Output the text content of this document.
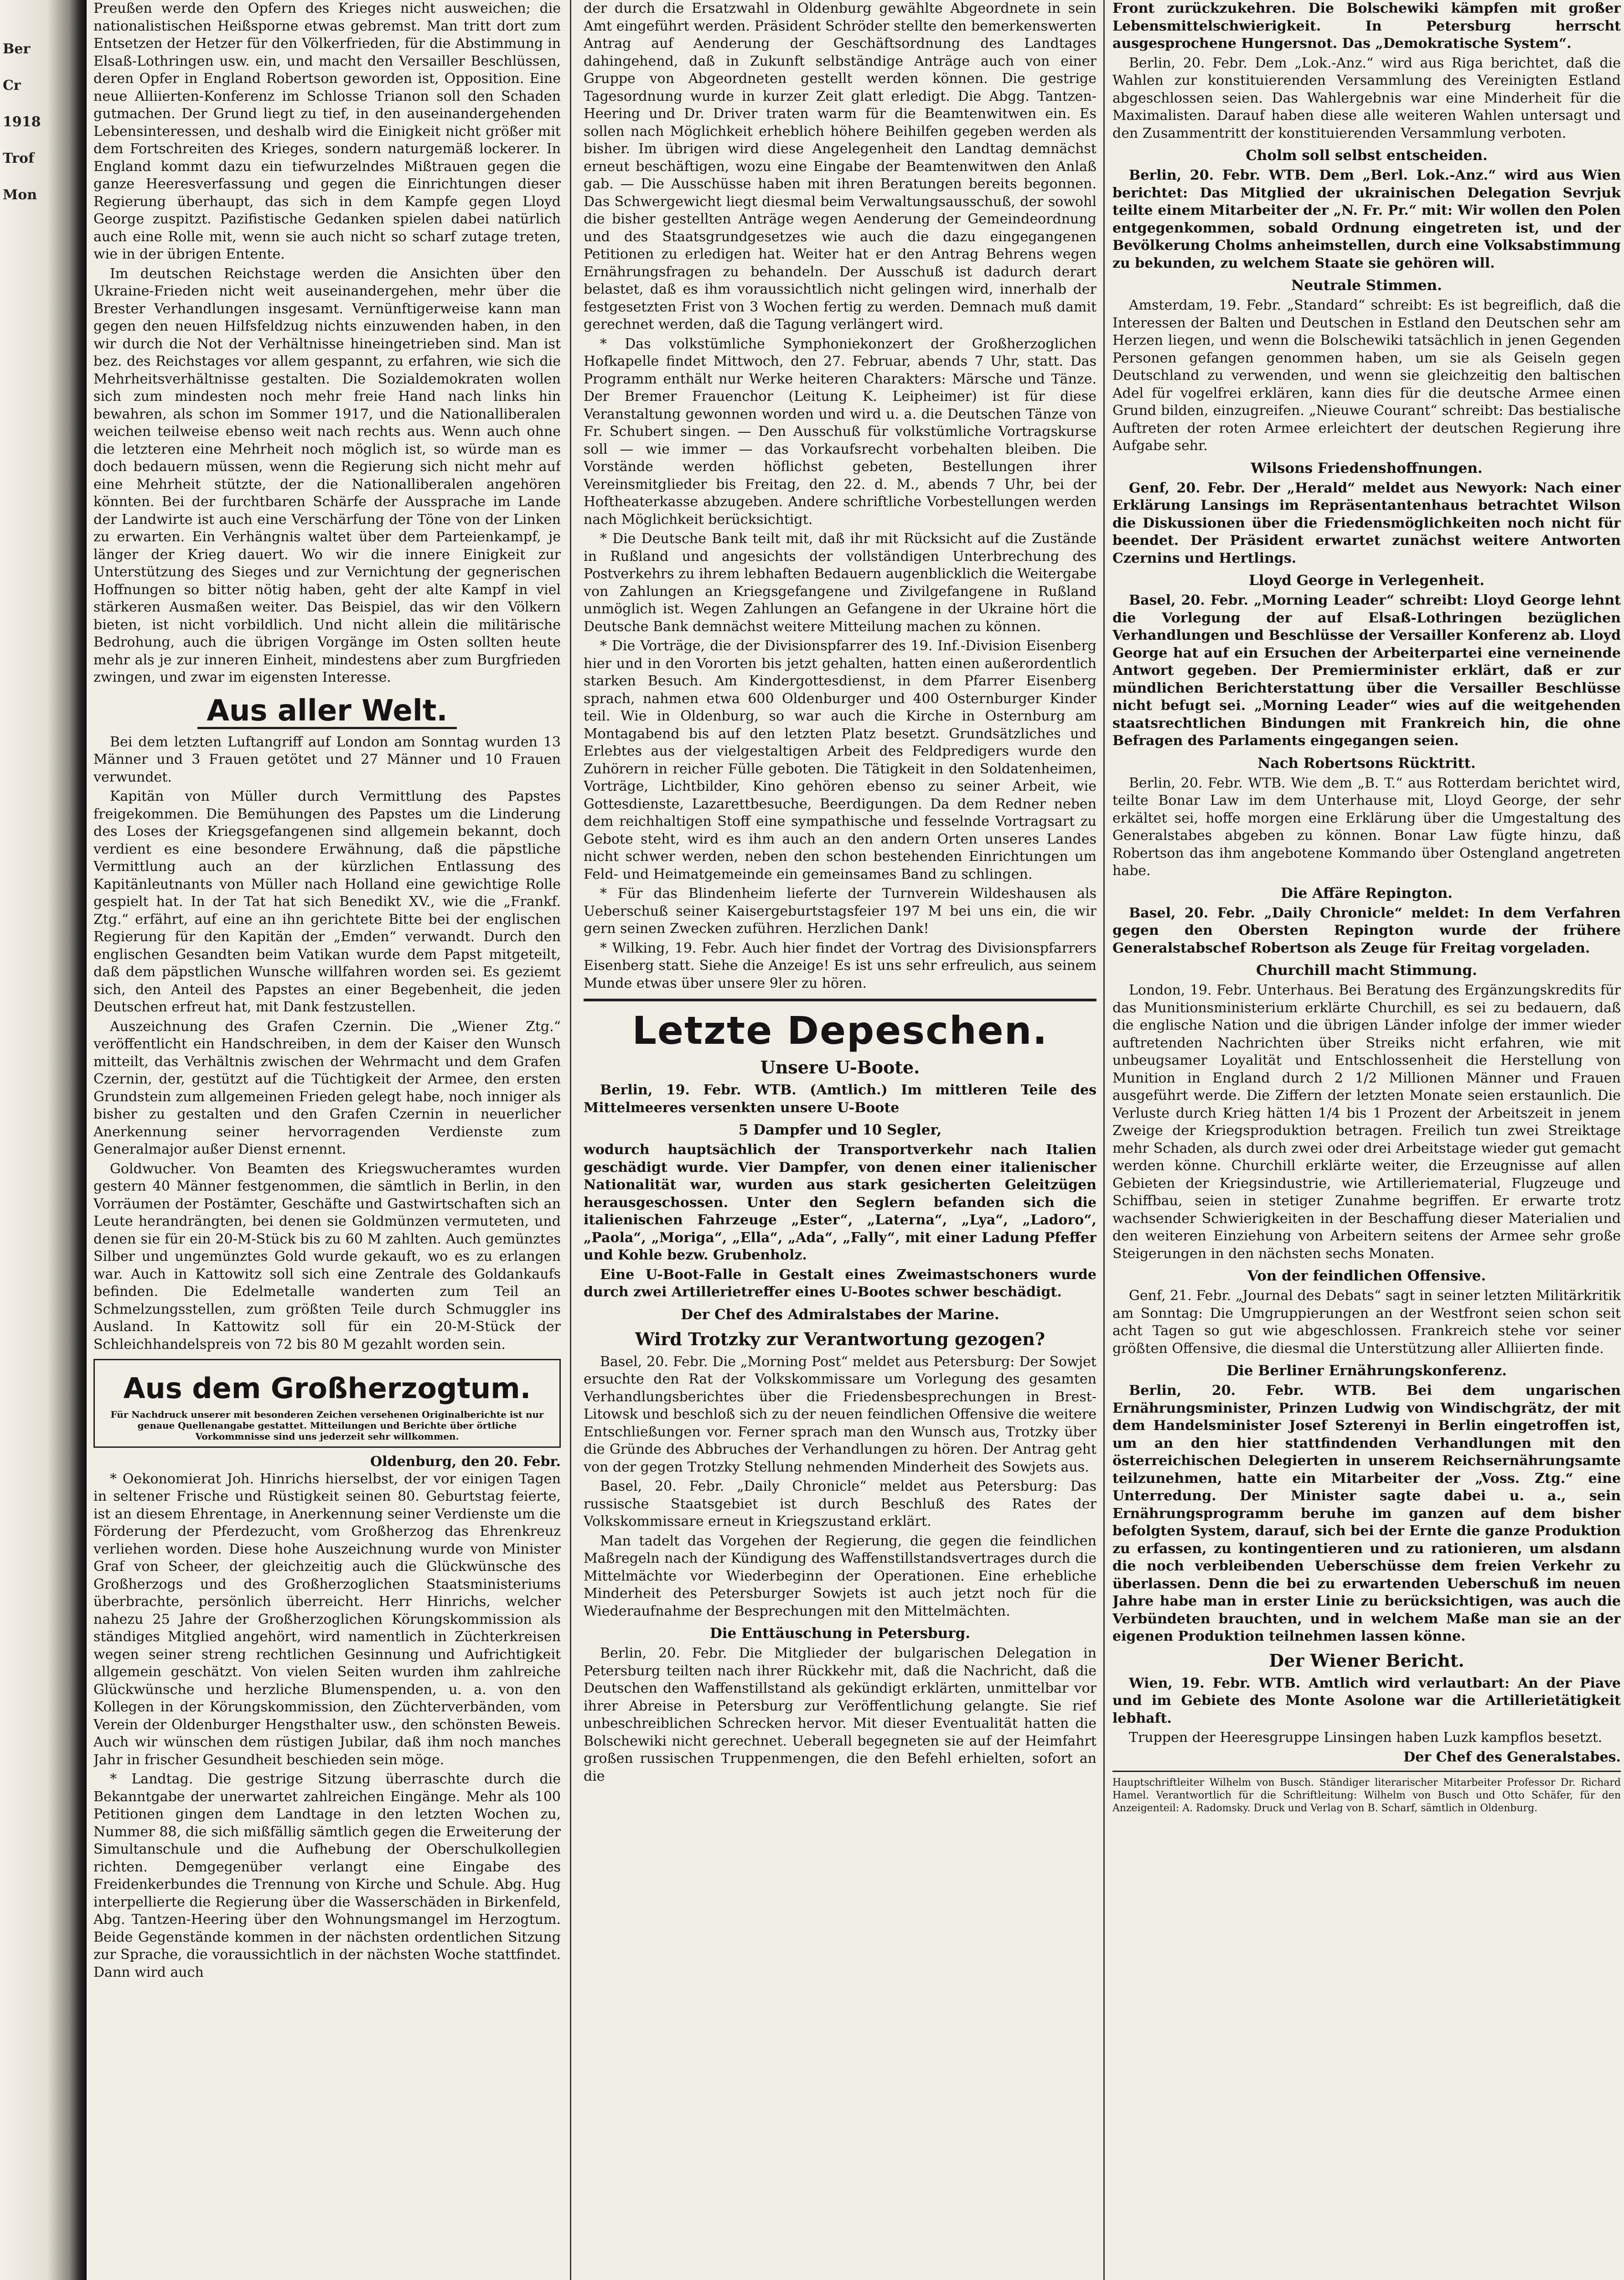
Ber
Cr
1918
Trof
Mon

Preußen werde den Opfern des Krieges nicht ausweichen; die nationalistischen Heißsporne etwas gebremst. Man tritt dort zum Entsetzen der Hetzer für den Völkerfrieden, für die Abstimmung in Elsaß-Lothringen usw. ein, und macht den Versailler Beschlüssen, deren Opfer in England Robertson geworden ist, Opposition. Eine neue Alliierten-Konferenz im Schlosse Trianon soll den Schaden gutmachen. Der Grund liegt zu tief, in den auseinandergehenden Lebensinteressen, und deshalb wird die Einigkeit nicht größer mit dem Fortschreiten des Krieges, sondern naturgemäß lockerer. In England kommt dazu ein tiefwurzelndes Mißtrauen gegen die ganze Heeresverfassung und gegen die Einrichtungen dieser Regierung überhaupt, das sich in dem Kampfe gegen Lloyd George zuspitzt. Pazifistische Gedanken spielen dabei natürlich auch eine Rolle mit, wenn sie auch nicht so scharf zutage treten, wie in der übrigen Entente.

Im deutschen Reichstage werden die Ansichten über den Ukraine-Frieden nicht weit auseinandergehen, mehr über die Brester Verhandlungen insgesamt. Vernünftigerweise kann man gegen den neuen Hilfsfeldzug nichts einzuwenden haben, in den wir durch die Not der Verhältnisse hineingetrieben sind. Man ist bez. des Reichstages vor allem gespannt, zu erfahren, wie sich die Mehrheitsverhältnisse gestalten. Die Sozialdemokraten wollen sich zum mindesten noch mehr freie Hand nach links hin bewahren, als schon im Sommer 1917, und die Nationalliberalen weichen teilweise ebenso weit nach rechts aus. Wenn auch ohne die letzteren eine Mehrheit noch möglich ist, so würde man es doch bedauern müssen, wenn die Regierung sich nicht mehr auf eine Mehrheit stützte, der die Nationalliberalen angehören könnten. Bei der furchtbaren Schärfe der Aussprache im Lande der Landwirte ist auch eine Verschärfung der Töne von der Linken zu erwarten. Ein Verhängnis waltet über dem Parteienkampf, je länger der Krieg dauert. Wo wir die innere Einigkeit zur Unterstützung des Sieges und zur Vernichtung der gegnerischen Hoffnungen so bitter nötig haben, geht der alte Kampf in viel stärkeren Ausmaßen weiter. Das Beispiel, das wir den Völkern bieten, ist nicht vorbildlich. Und nicht allein die militärische Bedrohung, auch die übrigen Vorgänge im Osten sollten heute mehr als je zur inneren Einheit, mindestens aber zum Burgfrieden zwingen, und zwar im eigensten Interesse.

Aus aller Welt.

Bei dem letzten Luftangriff auf London am Sonntag wurden 13 Männer und 3 Frauen getötet und 27 Männer und 10 Frauen verwundet.

Kapitän von Müller durch Vermittlung des Papstes freigekommen. Die Bemühungen des Papstes um die Linderung des Loses der Kriegsgefangenen sind allgemein bekannt, doch verdient es eine besondere Erwähnung, daß die päpstliche Vermittlung auch an der kürzlichen Entlassung des Kapitänleutnants von Müller nach Holland eine gewichtige Rolle gespielt hat. In der Tat hat sich Benedikt XV., wie die „Frankf. Ztg.“ erfährt, auf eine an ihn gerichtete Bitte bei der englischen Regierung für den Kapitän der „Emden“ verwandt. Durch den englischen Gesandten beim Vatikan wurde dem Papst mitgeteilt, daß dem päpstlichen Wunsche willfahren worden sei. Es geziemt sich, den Anteil des Papstes an einer Begebenheit, die jeden Deutschen erfreut hat, mit Dank festzustellen.

Auszeichnung des Grafen Czernin. Die „Wiener Ztg.“ veröffentlicht ein Handschreiben, in dem der Kaiser den Wunsch mitteilt, das Verhältnis zwischen der Wehrmacht und dem Grafen Czernin, der, gestützt auf die Tüchtigkeit der Armee, den ersten Grundstein zum allgemeinen Frieden gelegt habe, noch inniger als bisher zu gestalten und den Grafen Czernin in neuerlicher Anerkennung seiner hervorragenden Verdienste zum Generalmajor außer Dienst ernennt.

Goldwucher. Von Beamten des Kriegswucheramtes wurden gestern 40 Männer festgenommen, die sämtlich in Berlin, in den Vorräumen der Postämter, Geschäfte und Gastwirtschaften sich an Leute herandrängten, bei denen sie Goldmünzen vermuteten, und denen sie für ein 20-M-Stück bis zu 60 M zahlten. Auch gemünztes Silber und ungemünztes Gold wurde gekauft, wo es zu erlangen war. Auch in Kattowitz soll sich eine Zentrale des Goldankaufs befinden. Die Edelmetalle wanderten zum Teil an Schmelzungsstellen, zum größten Teile durch Schmuggler ins Ausland. In Kattowitz soll für ein 20-M-Stück der Schleichhandelspreis von 72 bis 80 M gezahlt worden sein.

Aus dem Großherzogtum.
Für Nachdruck unserer mit besonderen Zeichen versehenen Originalberichte ist nur genaue Quellenangabe gestattet. Mitteilungen und Berichte über örtliche Vorkommnisse sind uns jederzeit sehr willkommen.
Oldenburg, den 20. Febr.

* Oekonomierat Joh. Hinrichs hierselbst, der vor einigen Tagen in seltener Frische und Rüstigkeit seinen 80. Geburtstag feierte, ist an diesem Ehrentage, in Anerkennung seiner Verdienste um die Förderung der Pferdezucht, vom Großherzog das Ehrenkreuz verliehen worden. Diese hohe Auszeichnung wurde von Minister Graf von Scheer, der gleichzeitig auch die Glückwünsche des Großherzogs und des Großherzoglichen Staatsministeriums überbrachte, persönlich überreicht. Herr Hinrichs, welcher nahezu 25 Jahre der Großherzoglichen Körungskommission als ständiges Mitglied angehört, wird namentlich in Züchterkreisen wegen seiner streng rechtlichen Gesinnung und Aufrichtigkeit allgemein geschätzt. Von vielen Seiten wurden ihm zahlreiche Glückwünsche und herzliche Blumenspenden, u. a. von den Kollegen in der Körungskommission, den Züchterverbänden, vom Verein der Oldenburger Hengsthalter usw., den schönsten Beweis. Auch wir wünschen dem rüstigen Jubilar, daß ihm noch manches Jahr in frischer Gesundheit beschieden sein möge.

* Landtag. Die gestrige Sitzung überraschte durch die Bekanntgabe der unerwartet zahlreichen Eingänge. Mehr als 100 Petitionen gingen dem Landtage in den letzten Wochen zu, Nummer 88, die sich mißfällig sämtlich gegen die Erweiterung der Simultanschule und die Aufhebung der Oberschulkollegien richten. Demgegenüber verlangt eine Eingabe des Freidenkerbundes die Trennung von Kirche und Schule. Abg. Hug interpellierte die Regierung über die Wasserschäden in Birkenfeld, Abg. Tantzen-Heering über den Wohnungsmangel im Herzogtum. Beide Gegenstände kommen in der nächsten ordentlichen Sitzung zur Sprache, die voraussichtlich in der nächsten Woche stattfindet. Dann wird auch

der durch die Ersatzwahl in Oldenburg gewählte Abgeordnete in sein Amt eingeführt werden. Präsident Schröder stellte den bemerkenswerten Antrag auf Aenderung der Geschäftsordnung des Landtages dahingehend, daß in Zukunft selbständige Anträge auch von einer Gruppe von Abgeordneten gestellt werden können. Die gestrige Tagesordnung wurde in kurzer Zeit glatt erledigt. Die Abgg. Tantzen-Heering und Dr. Driver traten warm für die Beamtenwitwen ein. Es sollen nach Möglichkeit erheblich höhere Beihilfen gegeben werden als bisher. Im übrigen wird diese Angelegenheit den Landtag demnächst erneut beschäftigen, wozu eine Eingabe der Beamtenwitwen den Anlaß gab. — Die Ausschüsse haben mit ihren Beratungen bereits begonnen. Das Schwergewicht liegt diesmal beim Verwaltungsausschuß, der sowohl die bisher gestellten Anträge wegen Aenderung der Gemeindeordnung und des Staatsgrundgesetzes wie auch die dazu eingegangenen Petitionen zu erledigen hat. Weiter hat er den Antrag Behrens wegen Ernährungsfragen zu behandeln. Der Ausschuß ist dadurch derart belastet, daß es ihm voraussichtlich nicht gelingen wird, innerhalb der festgesetzten Frist von 3 Wochen fertig zu werden. Demnach muß damit gerechnet werden, daß die Tagung verlängert wird.

* Das volkstümliche Symphoniekonzert der Großherzoglichen Hofkapelle findet Mittwoch, den 27. Februar, abends 7 Uhr, statt. Das Programm enthält nur Werke heiteren Charakters: Märsche und Tänze. Der Bremer Frauenchor (Leitung K. Leipheimer) ist für diese Veranstaltung gewonnen worden und wird u. a. die Deutschen Tänze von Fr. Schubert singen. — Den Ausschuß für volkstümliche Vortragskurse soll — wie immer — das Vorkaufsrecht vorbehalten bleiben. Die Vorstände werden höflichst gebeten, Bestellungen ihrer Vereinsmitglieder bis Freitag, den 22. d. M., abends 7 Uhr, bei der Hoftheaterkasse abzugeben. Andere schriftliche Vorbestellungen werden nach Möglichkeit berücksichtigt.

* Die Deutsche Bank teilt mit, daß ihr mit Rücksicht auf die Zustände in Rußland und angesichts der vollständigen Unterbrechung des Postverkehrs zu ihrem lebhaften Bedauern augenblicklich die Weitergabe von Zahlungen an Kriegsgefangene und Zivilgefangene in Rußland unmöglich ist. Wegen Zahlungen an Gefangene in der Ukraine hört die Deutsche Bank demnächst weitere Mitteilung machen zu können.

* Die Vorträge, die der Divisionspfarrer des 19. Inf.-Division Eisenberg hier und in den Vororten bis jetzt gehalten, hatten einen außerordentlich starken Besuch. Am Kindergottesdienst, in dem Pfarrer Eisenberg sprach, nahmen etwa 600 Oldenburger und 400 Osternburger Kinder teil. Wie in Oldenburg, so war auch die Kirche in Osternburg am Montagabend bis auf den letzten Platz besetzt. Grundsätzliches und Erlebtes aus der vielgestaltigen Arbeit des Feldpredigers wurde den Zuhörern in reicher Fülle geboten. Die Tätigkeit in den Soldatenheimen, Vorträge, Lichtbilder, Kino gehören ebenso zu seiner Arbeit, wie Gottesdienste, Lazarettbesuche, Beerdigungen. Da dem Redner neben dem reichhaltigen Stoff eine sympathische und fesselnde Vortragsart zu Gebote steht, wird es ihm auch an den andern Orten unseres Landes nicht schwer werden, neben den schon bestehenden Einrichtungen um Feld- und Heimatgemeinde ein gemeinsames Band zu schlingen.

* Für das Blindenheim lieferte der Turnverein Wildeshausen als Ueberschuß seiner Kaisergeburtstagsfeier 197 M bei uns ein, die wir gern seinen Zwecken zuführen. Herzlichen Dank!

* Wilking, 19. Febr. Auch hier findet der Vortrag des Divisionspfarrers Eisenberg statt. Siehe die Anzeige! Es ist uns sehr erfreulich, aus seinem Munde etwas über unsere 9ler zu hören.

Letzte Depeschen.
Unsere U-Boote.

Berlin, 19. Febr. WTB. (Amtlich.) Im mittleren Teile des Mittelmeeres versenkten unsere U-Boote

5 Dampfer und 10 Segler,

wodurch hauptsächlich der Transportverkehr nach Italien geschädigt wurde. Vier Dampfer, von denen einer italienischer Nationalität war, wurden aus stark gesicherten Geleitzügen herausgeschossen. Unter den Seglern befanden sich die italienischen Fahrzeuge „Ester“, „Laterna“, „Lya“, „Ladoro“, „Paola“, „Moriga“, „Ella“, „Ada“, „Fally“, mit einer Ladung Pfeffer und Kohle bezw. Grubenholz.

Eine U-Boot-Falle in Gestalt eines Zweimastschoners wurde durch zwei Artillerietreffer eines U-Bootes schwer beschädigt.

Der Chef des Admiralstabes der Marine.
Wird Trotzky zur Verantwortung gezogen?

Basel, 20. Febr. Die „Morning Post“ meldet aus Petersburg: Der Sowjet ersuchte den Rat der Volkskommissare um Vorlegung des gesamten Verhandlungsberichtes über die Friedensbesprechungen in Brest-Litowsk und beschloß sich zu der neuen feindlichen Offensive die weitere Entschließungen vor. Ferner sprach man den Wunsch aus, Trotzky über die Gründe des Abbruches der Verhandlungen zu hören. Der Antrag geht von der gegen Trotzky Stellung nehmenden Minderheit des Sowjets aus.

Basel, 20. Febr. „Daily Chronicle“ meldet aus Petersburg: Das russische Staatsgebiet ist durch Beschluß des Rates der Volkskommissare erneut in Kriegszustand erklärt.

Man tadelt das Vorgehen der Regierung, die gegen die feindlichen Maßregeln nach der Kündigung des Waffenstillstandsvertrages durch die Mittelmächte vor Wiederbeginn der Operationen. Eine erhebliche Minderheit des Petersburger Sowjets ist auch jetzt noch für die Wiederaufnahme der Besprechungen mit den Mittelmächten.

Die Enttäuschung in Petersburg.

Berlin, 20. Febr. Die Mitglieder der bulgarischen Delegation in Petersburg teilten nach ihrer Rückkehr mit, daß die Nachricht, daß die Deutschen den Waffenstillstand als gekündigt erklärten, unmittelbar vor ihrer Abreise in Petersburg zur Veröffentlichung gelangte. Sie rief unbeschreiblichen Schrecken hervor. Mit dieser Eventualität hatten die Bolschewiki nicht gerechnet. Ueberall begegneten sie auf der Heimfahrt großen russischen Truppenmengen, die den Befehl erhielten, sofort an die

Front zurückzukehren. Die Bolschewiki kämpfen mit großer Lebensmittelschwierigkeit. In Petersburg herrscht ausgesprochene Hungersnot. Das „Demokratische System“.

Berlin, 20. Febr. Dem „Lok.-Anz.“ wird aus Riga berichtet, daß die Wahlen zur konstituierenden Versammlung des Vereinigten Estland abgeschlossen seien. Das Wahlergebnis war eine Minderheit für die Maximalisten. Darauf haben diese alle weiteren Wahlen untersagt und den Zusammentritt der konstituierenden Versammlung verboten.

Cholm soll selbst entscheiden.

Berlin, 20. Febr. WTB. Dem „Berl. Lok.-Anz.“ wird aus Wien berichtet: Das Mitglied der ukrainischen Delegation Sevrjuk teilte einem Mitarbeiter der „N. Fr. Pr.“ mit: Wir wollen den Polen entgegenkommen, sobald Ordnung eingetreten ist, und der Bevölkerung Cholms anheimstellen, durch eine Volksabstimmung zu bekunden, zu welchem Staate sie gehören will.

Neutrale Stimmen.

Amsterdam, 19. Febr. „Standard“ schreibt: Es ist begreiflich, daß die Interessen der Balten und Deutschen in Estland den Deutschen sehr am Herzen liegen, und wenn die Bolschewiki tatsächlich in jenen Gegenden Personen gefangen genommen haben, um sie als Geiseln gegen Deutschland zu verwenden, und wenn sie gleichzeitig den baltischen Adel für vogelfrei erklären, kann dies für die deutsche Armee einen Grund bilden, einzugreifen. „Nieuwe Courant“ schreibt: Das bestialische Auftreten der roten Armee erleichtert der deutschen Regierung ihre Aufgabe sehr.

Wilsons Friedenshoffnungen.

Genf, 20. Febr. Der „Herald“ meldet aus Newyork: Nach einer Erklärung Lansings im Repräsentantenhaus betrachtet Wilson die Diskussionen über die Friedensmöglichkeiten noch nicht für beendet. Der Präsident erwartet zunächst weitere Antworten Czernins und Hertlings.

Lloyd George in Verlegenheit.

Basel, 20. Febr. „Morning Leader“ schreibt: Lloyd George lehnt die Vorlegung der auf Elsaß-Lothringen bezüglichen Verhandlungen und Beschlüsse der Versailler Konferenz ab. Lloyd George hat auf ein Ersuchen der Arbeiterpartei eine verneinende Antwort gegeben. Der Premierminister erklärt, daß er zur mündlichen Berichterstattung über die Versailler Beschlüsse nicht befugt sei. „Morning Leader“ wies auf die weitgehenden staatsrechtlichen Bindungen mit Frankreich hin, die ohne Befragen des Parlaments eingegangen seien.

Nach Robertsons Rücktritt.

Berlin, 20. Febr. WTB. Wie dem „B. T.“ aus Rotterdam berichtet wird, teilte Bonar Law im dem Unterhause mit, Lloyd George, der sehr erkältet sei, hoffe morgen eine Erklärung über die Umgestaltung des Generalstabes abgeben zu können. Bonar Law fügte hinzu, daß Robertson das ihm angebotene Kommando über Ostengland angetreten habe.

Die Affäre Repington.

Basel, 20. Febr. „Daily Chronicle“ meldet: In dem Verfahren gegen den Obersten Repington wurde der frühere Generalstabschef Robertson als Zeuge für Freitag vorgeladen.

Churchill macht Stimmung.

London, 19. Febr. Unterhaus. Bei Beratung des Ergänzungskredits für das Munitionsministerium erklärte Churchill, es sei zu bedauern, daß die englische Nation und die übrigen Länder infolge der immer wieder auftretenden Nachrichten über Streiks nicht erfahren, wie mit unbeugsamer Loyalität und Entschlossenheit die Herstellung von Munition in England durch 2 1/2 Millionen Männer und Frauen ausgeführt werde. Die Ziffern der letzten Monate seien erstaunlich. Die Verluste durch Krieg hätten 1/4 bis 1 Prozent der Arbeitszeit in jenem Zweige der Kriegsproduktion betragen. Freilich tun zwei Streiktage mehr Schaden, als durch zwei oder drei Arbeitstage wieder gut gemacht werden könne. Churchill erklärte weiter, die Erzeugnisse auf allen Gebieten der Kriegsindustrie, wie Artilleriematerial, Flugzeuge und Schiffbau, seien in stetiger Zunahme begriffen. Er erwarte trotz wachsender Schwierigkeiten in der Beschaffung dieser Materialien und den weiteren Einziehung von Arbeitern seitens der Armee sehr große Steigerungen in den nächsten sechs Monaten.

Von der feindlichen Offensive.

Genf, 21. Febr. „Journal des Debats“ sagt in seiner letzten Militärkritik am Sonntag: Die Umgruppierungen an der Westfront seien schon seit acht Tagen so gut wie abgeschlossen. Frankreich stehe vor seiner größten Offensive, die diesmal die Unterstützung aller Alliierten finde.

Die Berliner Ernährungskonferenz.

Berlin, 20. Febr. WTB. Bei dem ungarischen Ernährungsminister, Prinzen Ludwig von Windischgrätz, der mit dem Handelsminister Josef Szterenyi in Berlin eingetroffen ist, um an den hier stattfindenden Verhandlungen mit den österreichischen Delegierten in unserem Reichsernährungsamte teilzunehmen, hatte ein Mitarbeiter der „Voss. Ztg.“ eine Unterredung. Der Minister sagte dabei u. a., sein Ernährungsprogramm beruhe im ganzen auf dem bisher befolgten System, darauf, sich bei der Ernte die ganze Produktion zu erfassen, zu kontingentieren und zu rationieren, um alsdann die noch verbleibenden Ueberschüsse dem freien Verkehr zu überlassen. Denn die bei zu erwartenden Ueberschuß im neuen Jahre habe man in erster Linie zu berücksichtigen, was auch die Verbündeten brauchten, und in welchem Maße man sie an der eigenen Produktion teilnehmen lassen könne.

Der Wiener Bericht.

Wien, 19. Febr. WTB. Amtlich wird verlautbart: An der Piave und im Gebiete des Monte Asolone war die Artillerietätigkeit lebhaft.

Truppen der Heeresgruppe Linsingen haben Luzk kampflos besetzt.

Der Chef des Generalstabes.

Hauptschriftleiter Wilhelm von Busch. Ständiger literarischer Mitarbeiter Professor Dr. Richard Hamel. Verantwortlich für die Schriftleitung: Wilhelm von Busch und Otto Schäfer, für den Anzeigenteil: A. Radomsky. Druck und Verlag von B. Scharf, sämtlich in Oldenburg.
